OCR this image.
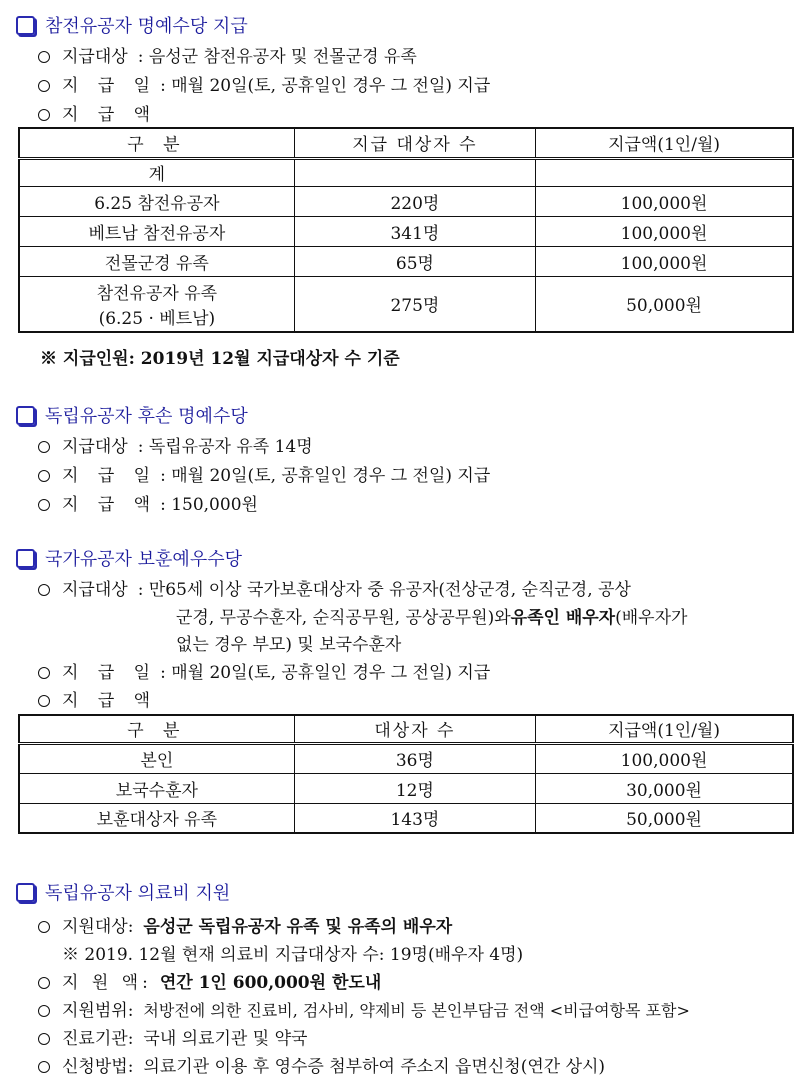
참전유공자 명예수당 지급
지급대상 : 음성군 참전유공자 및 전몰군경 유족
지 급 일 : 매월 20일(토, 공휴일인 경우 그 전일) 지급
지 급 액
구 분	지급 대상자 수	지급액(1인/월)
계		
6.25 참전유공자	220명	100,000원
베트남 참전유공자	341명	100,000원
전몰군경 유족	65명	100,000원

참전유공자 유족
(6.25 · 베트남)	275명	50,000원
※ 지급인원: 2019년 12월 지급대상자 수 기준
독립유공자 후손 명예수당
지급대상 : 독립유공자 유족 14명
지 급 일 : 매월 20일(토, 공휴일인 경우 그 전일) 지급
지 급 액 : 150,000원
국가유공자 보훈예우수당
지급대상 : 만65세 이상 국가보훈대상자 중 유공자(전상군경, 순직군경, 공상
군경, 무공수훈자, 순직공무원, 공상공무원)와 유족인 배우자 (배우자가
없는 경우 부모) 및 보국수훈자
지 급 일 : 매월 20일(토, 공휴일인 경우 그 전일) 지급
지 급 액
구 분	대상자 수	지급액(1인/월)
본인	36명	100,000원
보국수훈자	12명	30,000원
보훈대상자 유족	143명	50,000원
독립유공자 의료비 지원
지원대상: 음성군 독립유공자 유족 및 유족의 배우자
※ 2019. 12월 현재 의료비 지급대상자 수: 19명(배우자 4명)
지 원 액: 연간 1인 600,000원 한도내
지원범위: 처방전에 의한 진료비, 검사비, 약제비 등 본인부담금 전액 <비급여항목 포함>
진료기관: 국내 의료기관 및 약국
신청방법: 의료기관 이용 후 영수증 첨부하여 주소지 읍면신청(연간 상시)
